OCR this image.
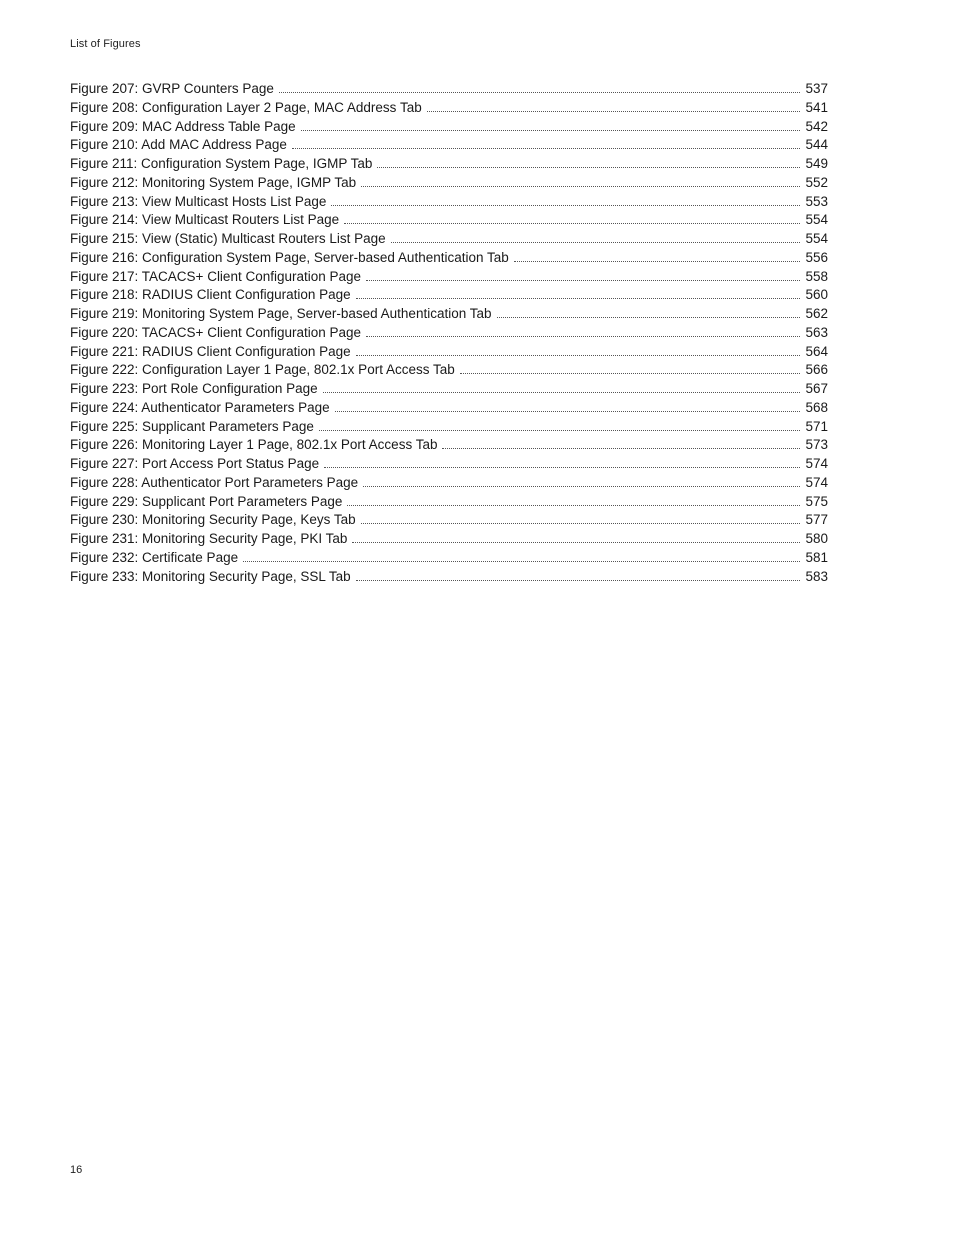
List of Figures
Figure 207: GVRP Counters Page	537
Figure 208: Configuration Layer 2 Page, MAC Address Tab	541
Figure 209: MAC Address Table Page	542
Figure 210: Add MAC Address Page	544
Figure 211: Configuration System Page, IGMP Tab	549
Figure 212: Monitoring System Page, IGMP Tab	552
Figure 213: View Multicast Hosts List Page	553
Figure 214: View Multicast Routers List Page	554
Figure 215: View (Static) Multicast Routers List Page	554
Figure 216: Configuration System Page, Server-based Authentication Tab	556
Figure 217: TACACS+ Client Configuration Page	558
Figure 218: RADIUS Client Configuration Page	560
Figure 219: Monitoring System Page, Server-based Authentication Tab	562
Figure 220: TACACS+ Client Configuration Page	563
Figure 221: RADIUS Client Configuration Page	564
Figure 222: Configuration Layer 1 Page, 802.1x Port Access Tab	566
Figure 223: Port Role Configuration Page	567
Figure 224: Authenticator Parameters Page	568
Figure 225: Supplicant Parameters Page	571
Figure 226: Monitoring Layer 1 Page, 802.1x Port Access Tab	573
Figure 227: Port Access Port Status Page	574
Figure 228: Authenticator Port Parameters Page	574
Figure 229: Supplicant Port Parameters Page	575
Figure 230: Monitoring Security Page, Keys Tab	577
Figure 231: Monitoring Security Page, PKI Tab	580
Figure 232: Certificate Page	581
Figure 233: Monitoring Security Page, SSL Tab	583
16
